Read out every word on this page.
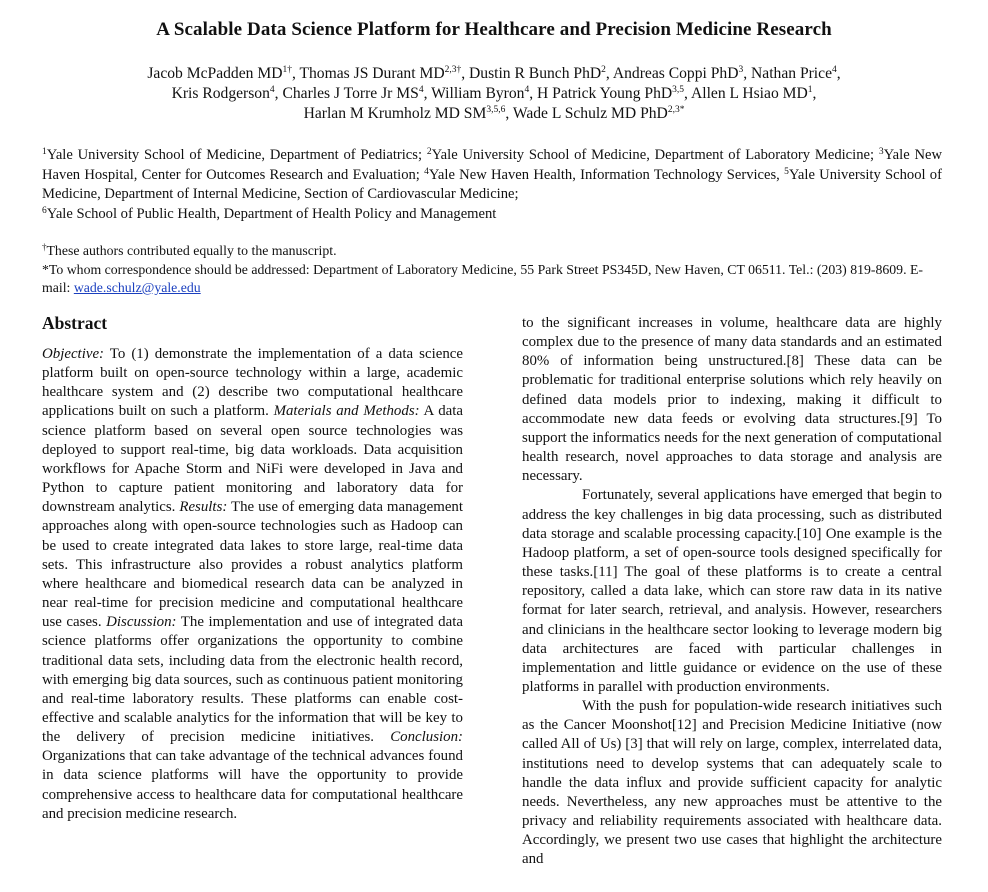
A Scalable Data Science Platform for Healthcare and Precision Medicine Research
Jacob McPadden $MD^{1\dagger}$, Thomas JS Durant $MD^{2,3\dagger}$, Dustin R Bunch PhD$^2$, Andreas Coppi PhD$^3$, Nathan Price$^4$,
Kris Rodgerson$^4$, Charles J Torre Jr $MS^4$, William Byron$^4$, H Patrick Young PhD$^{3,5}$, Allen L Hsiao $MD^1$,
Harlan M Krumholz MD SM$^{3,5,6}$, Wade L Schulz MD PhD$^{2,3*}$
$^1$Yale University School of Medicine, Department of Pediatrics; $^2$Yale University School of Medicine, Department of Laboratory Medicine; $^3$Yale New Haven Hospital, Center for Outcomes Research and Evaluation; $^4$Yale New Haven Health, Information Technology Services, $^5$Yale University School of Medicine, Department of Internal Medicine, Section of Cardiovascular Medicine;
$^6$Yale School of Public Health, Department of Health Policy and Management
†These authors contributed equally to the manuscript.
*To whom correspondence should be addressed: Department of Laboratory Medicine, 55 Park Street PS345D, New Haven, CT 06511. Tel.: (203) 819-8609. E-mail: wade.schulz@yale.edu
Abstract

Objective: To (1) demonstrate the implementation of a data science platform built on open-source technology within a large, academic healthcare system and (2) describe two computational healthcare applications built on such a platform. Materials and Methods: A data science platform based on several open source technologies was deployed to support real-time, big data workloads. Data acquisition workflows for Apache Storm and NiFi were developed in Java and Python to capture patient monitoring and laboratory data for downstream analytics. Results: The use of emerging data management approaches along with open-source technologies such as Hadoop can be used to create integrated data lakes to store large, real-time data sets. This infrastructure also provides a robust analytics platform where healthcare and biomedical research data can be analyzed in near real-time for precision medicine and computational healthcare use cases. Discussion: The implementation and use of integrated data science platforms offer organizations the opportunity to combine traditional data sets, including data from the electronic health record, with emerging big data sources, such as continuous patient monitoring and real-time laboratory results. These platforms can enable cost-effective and scalable analytics for the information that will be key to the delivery of precision medicine initiatives. Conclusion: Organizations that can take advantage of the technical advances found in data science platforms will have the opportunity to provide comprehensive access to healthcare data for computational healthcare and precision medicine research.

to the significant increases in volume, healthcare data are highly complex due to the presence of many data standards and an estimated 80% of information being unstructured.[8] These data can be problematic for traditional enterprise solutions which rely heavily on defined data models prior to indexing, making it difficult to accommodate new data feeds or evolving data structures.[9] To support the informatics needs for the next generation of computational health research, novel approaches to data storage and analysis are necessary.

Fortunately, several applications have emerged that begin to address the key challenges in big data processing, such as distributed data storage and scalable processing capacity.[10] One example is the Hadoop platform, a set of open-source tools designed specifically for these tasks.[11] The goal of these platforms is to create a central repository, called a data lake, which can store raw data in its native format for later search, retrieval, and analysis. However, researchers and clinicians in the healthcare sector looking to leverage modern big data architectures are faced with particular challenges in implementation and little guidance or evidence on the use of these platforms in parallel with production environments.

With the push for population-wide research initiatives such as the Cancer Moonshot[12] and Precision Medicine Initiative (now called All of Us) [3] that will rely on large, complex, interrelated data, institutions need to develop systems that can adequately scale to handle the data influx and provide sufficient capacity for analytic needs. Nevertheless, any new approaches must be attentive to the privacy and reliability requirements associated with healthcare data. Accordingly, we present two use cases that highlight the architecture and
